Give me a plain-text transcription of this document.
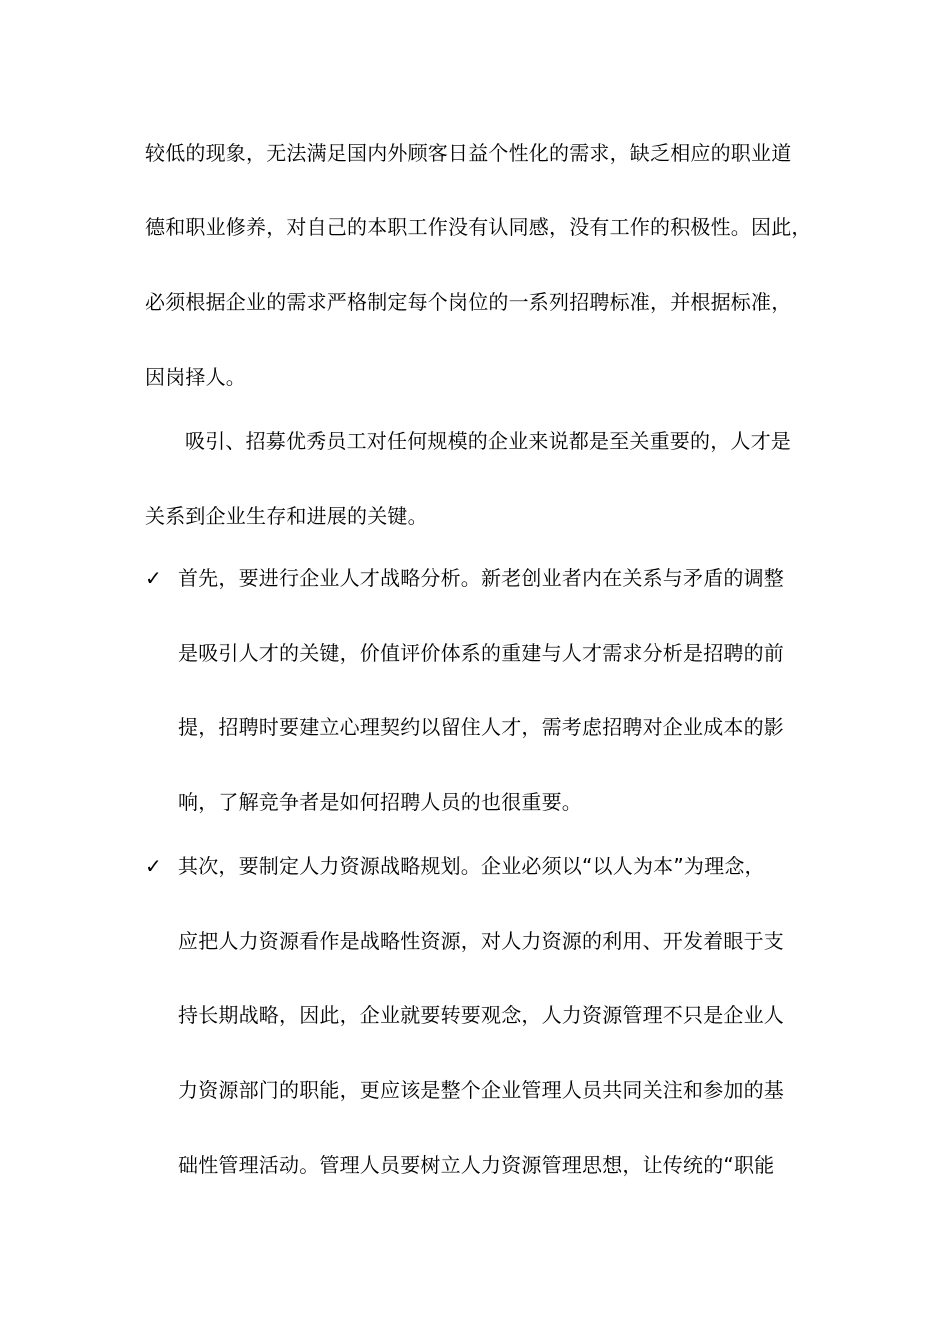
较低的现象，无法满足国内外顾客日益个性化的需求，缺乏相应的职业道
德和职业修养，对自己的本职工作没有认同感，没有工作的积极性。因此，
必须根据企业的需求严格制定每个岗位的一系列招聘标准，并根据标准，
因岗择人。
吸引、招募优秀员工对任何规模的企业来说都是至关重要的，人才是
关系到企业生存和进展的关键。
✓ 首先，要进行企业人才战略分析。新老创业者内在关系与矛盾的调整
是吸引人才的关键，价值评价体系的重建与人才需求分析是招聘的前
提，招聘时要建立心理契约以留住人才，需考虑招聘对企业成本的影
响，了解竞争者是如何招聘人员的也很重要。
✓ 其次，要制定人力资源战略规划。企业必须以“以人为本”为理念，
应把人力资源看作是战略性资源，对人力资源的利用、开发着眼于支
持长期战略，因此，企业就要转要观念，人力资源管理不只是企业人
力资源部门的职能，更应该是整个企业管理人员共同关注和参加的基
础性管理活动。管理人员要树立人力资源管理思想，让传统的“职能
